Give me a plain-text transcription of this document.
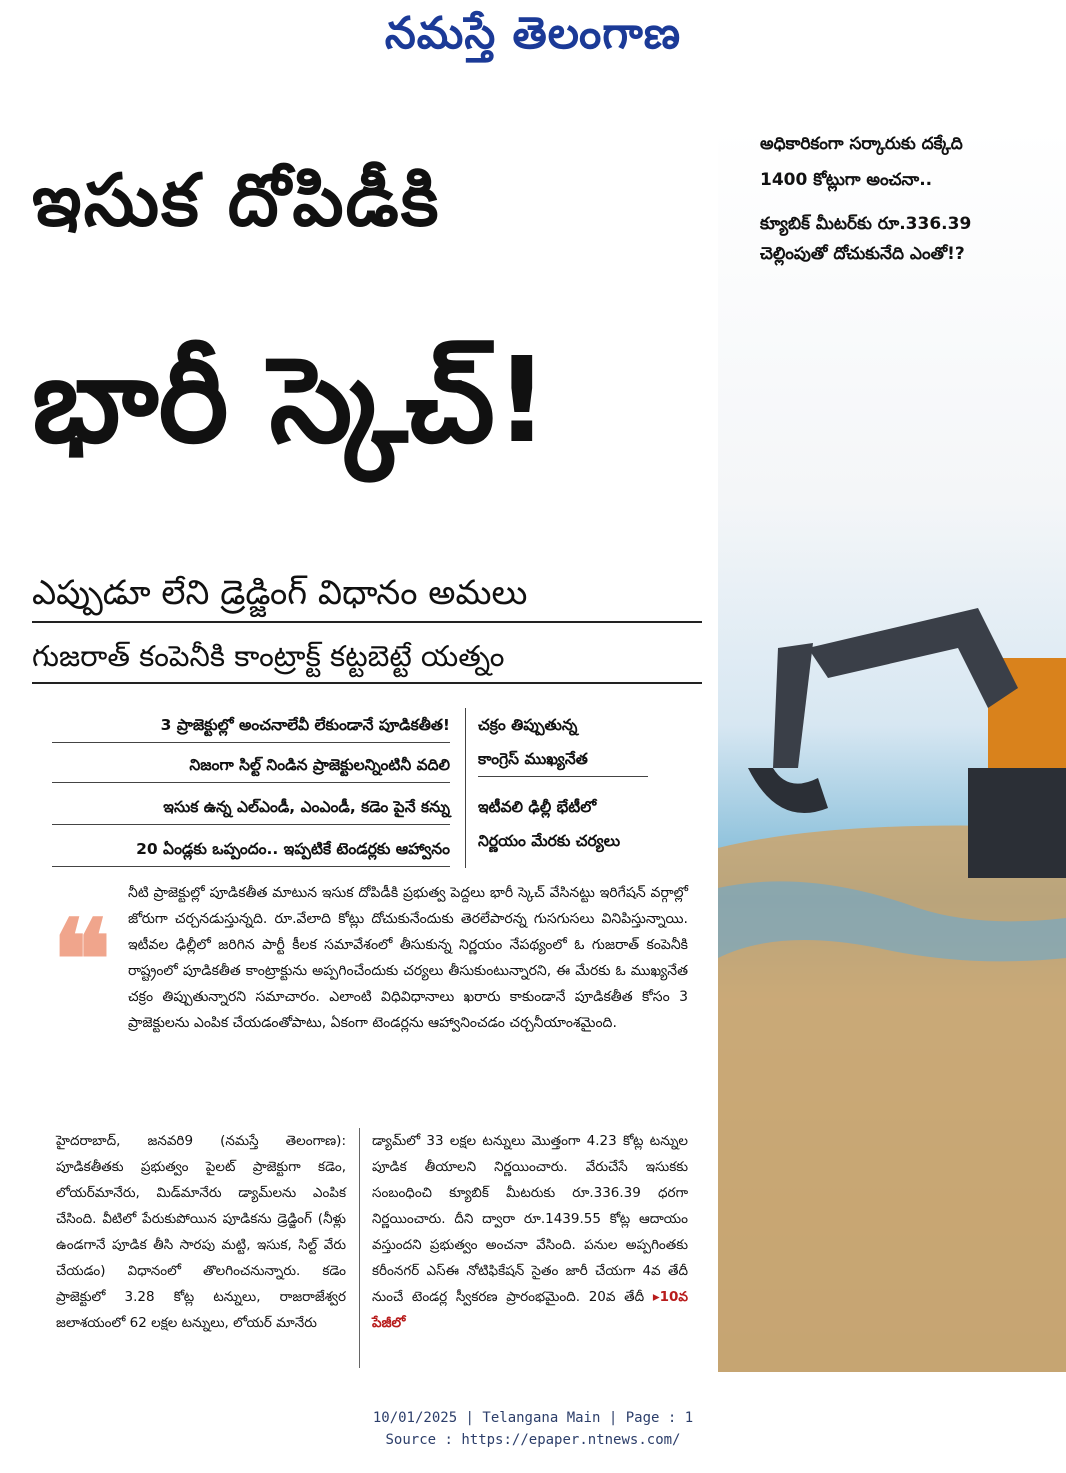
నమస్తే తెలంగాణ
అధికారికంగా సర్కారుకు దక్కేది
1400 కోట్లుగా అంచనా..
క్యూబిక్ మీటర్‌కు రూ.336.39
చెల్లింపుతో దోచుకునేది ఎంతో!?
ఇసుక దోపిడీకి
భారీ స్కెచ్!
ఎప్పుడూ లేని డ్రెడ్జింగ్ విధానం అమలు
గుజరాత్ కంపెనీకి కాంట్రాక్ట్ కట్టబెట్టే యత్నం
3 ప్రాజెక్టుల్లో అంచనాలేవీ లేకుండానే పూడికతీత!
నిజంగా సిల్ట్ నిండిన ప్రాజెక్టులన్నింటినీ వదిలి
ఇసుక ఉన్న ఎల్‌ఎండీ, ఎంఎండీ, కడెం పైనే కన్ను
20 ఏండ్లకు ఒప్పందం.. ఇప్పటికే టెండర్లకు ఆహ్వానం
చక్రం తిప్పుతున్న
కాంగ్రెస్ ముఖ్యనేత
ఇటీవలి ఢిల్లీ భేటీలో
నిర్ణయం మేరకు చర్యలు
❝
నీటి ప్రాజెక్టుల్లో పూడికతీత మాటున ఇసుక దోపిడీకి ప్రభుత్వ పెద్దలు భారీ స్కెచ్ వేసినట్టు ఇరిగేషన్ వర్గాల్లో జోరుగా చర్చనడుస్తున్నది. రూ.వేలాది కోట్లు దోచుకునేందుకు తెరలేపారన్న గుసగుసలు వినిపిస్తున్నాయి. ఇటీవల ఢిల్లీలో జరిగిన పార్టీ కీలక సమావేశంలో తీసుకున్న నిర్ణయం నేపథ్యంలో ఓ గుజరాత్ కంపెనీకి రాష్ట్రంలో పూడికతీత కాంట్రాక్టును అప్పగించేందుకు చర్యలు తీసుకుంటున్నారని, ఈ మేరకు ఓ ముఖ్యనేత చక్రం తిప్పుతున్నారని సమాచారం. ఎలాంటి విధివిధానాలు ఖరారు కాకుండానే పూడికతీత కోసం 3 ప్రాజెక్టులను ఎంపిక చేయడంతోపాటు, ఏకంగా టెండర్లను ఆహ్వానించడం చర్చనీయాంశమైంది.
హైదరాబాద్, జనవరి9 (నమస్తే తెలంగాణ): పూడికతీతకు ప్రభుత్వం పైలట్ ప్రాజెక్టుగా కడెం, లోయర్‌మానేరు, మిడ్‌మానేరు డ్యామ్‌లను ఎంపిక చేసింది. వీటిలో పేరుకుపోయిన పూడికను డ్రెడ్జింగ్ (నీళ్లు ఉండగానే పూడిక తీసి సారపు మట్టి, ఇసుక, సిల్ట్ వేరు చేయడం) విధానంలో తొలగించనున్నారు. కడెం ప్రాజెక్టులో 3.28 కోట్ల టన్నులు, రాజరాజేశ్వర జలాశయంలో 62 లక్షల టన్నులు, లోయర్ మానేరు
డ్యామ్‌లో 33 లక్షల టన్నులు మొత్తంగా 4.23 కోట్ల టన్నుల పూడిక తీయాలని నిర్ణయించారు. వేరుచేసే ఇసుకకు సంబంధించి క్యూబిక్ మీటరుకు రూ.336.39 ధరగా నిర్ణయించారు. దీని ద్వారా రూ.1439.55 కోట్ల ఆదాయం వస్తుందని ప్రభుత్వం అంచనా వేసింది. పనుల అప్పగింతకు కరీంనగర్ ఎస్‌ఈ నోటిఫికేషన్ సైతం జారీ చేయగా 4వ తేదీ నుంచే టెండర్ల స్వీకరణ ప్రారంభమైంది. 20వ తేదీ ▸10వ పేజీలో
10/01/2025 | Telangana Main | Page : 1
Source : https://epaper.ntnews.com/
